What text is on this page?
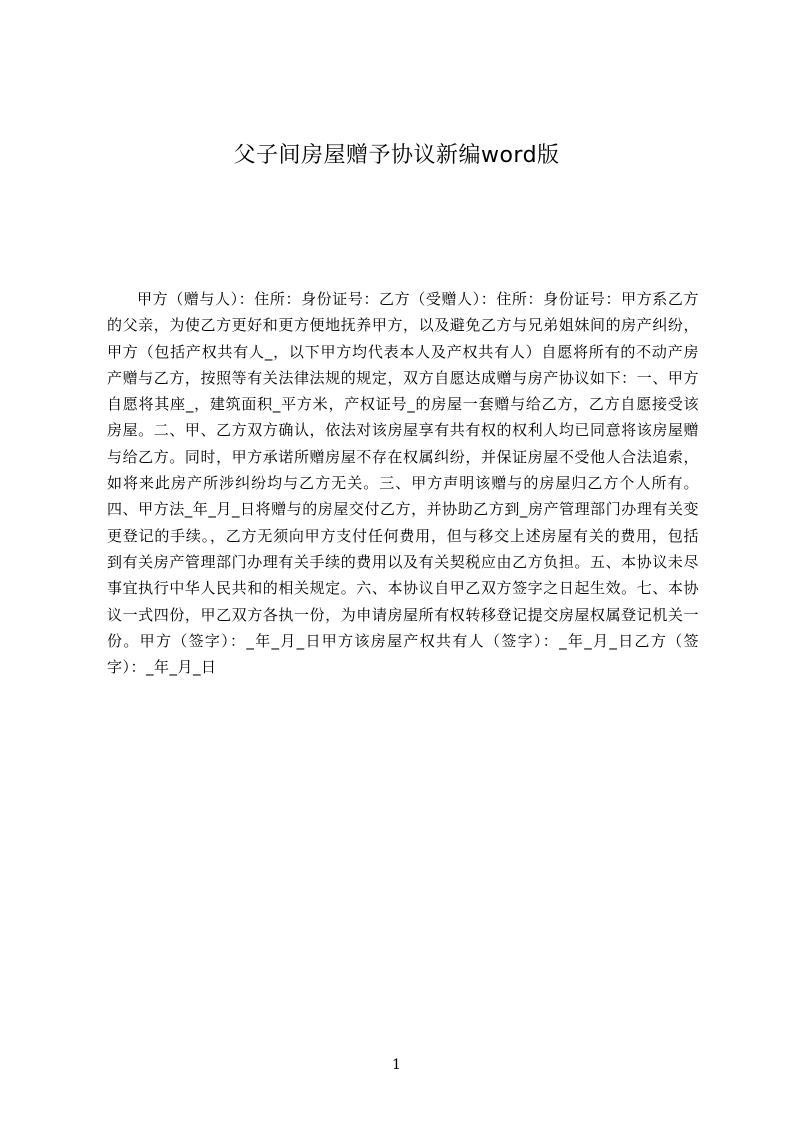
父子间房屋赠予协议新编word版

甲方（赠与人）：住所：身份证号：乙方（受赠人）：住所：身份证号：甲方系乙方的父亲，为使乙方更好和更方便地抚养甲方，以及避免乙方与兄弟姐妹间的房产纠纷，甲方（包括产权共有人_，以下甲方均代表本人及产权共有人）自愿将所有的不动产房产赠与乙方，按照等有关法律法规的规定，双方自愿达成赠与房产协议如下：一、甲方自愿将其座_，建筑面积_平方米，产权证号_的房屋一套赠与给乙方，乙方自愿接受该房屋。二、甲、乙方双方确认，依法对该房屋享有共有权的权利人均已同意将该房屋赠与给乙方。同时，甲方承诺所赠房屋不存在权属纠纷，并保证房屋不受他人合法追索，如将来此房产所涉纠纷均与乙方无关。三、甲方声明该赠与的房屋归乙方个人所有。四、甲方法_年_月_日将赠与的房屋交付乙方，并协助乙方到_房产管理部门办理有关变更登记的手续。，乙方无须向甲方支付任何费用，但与移交上述房屋有关的费用，包括到有关房产管理部门办理有关手续的费用以及有关契税应由乙方负担。五、本协议未尽事宜执行中华人民共和的相关规定。六、本协议自甲乙双方签字之日起生效。七、本协议一式四份，甲乙双方各执一份，为申请房屋所有权转移登记提交房屋权属登记机关一份。甲方（签字）：_年_月_日甲方该房屋产权共有人（签字）：_年_月_日乙方（签字）：_年_月_日

1
